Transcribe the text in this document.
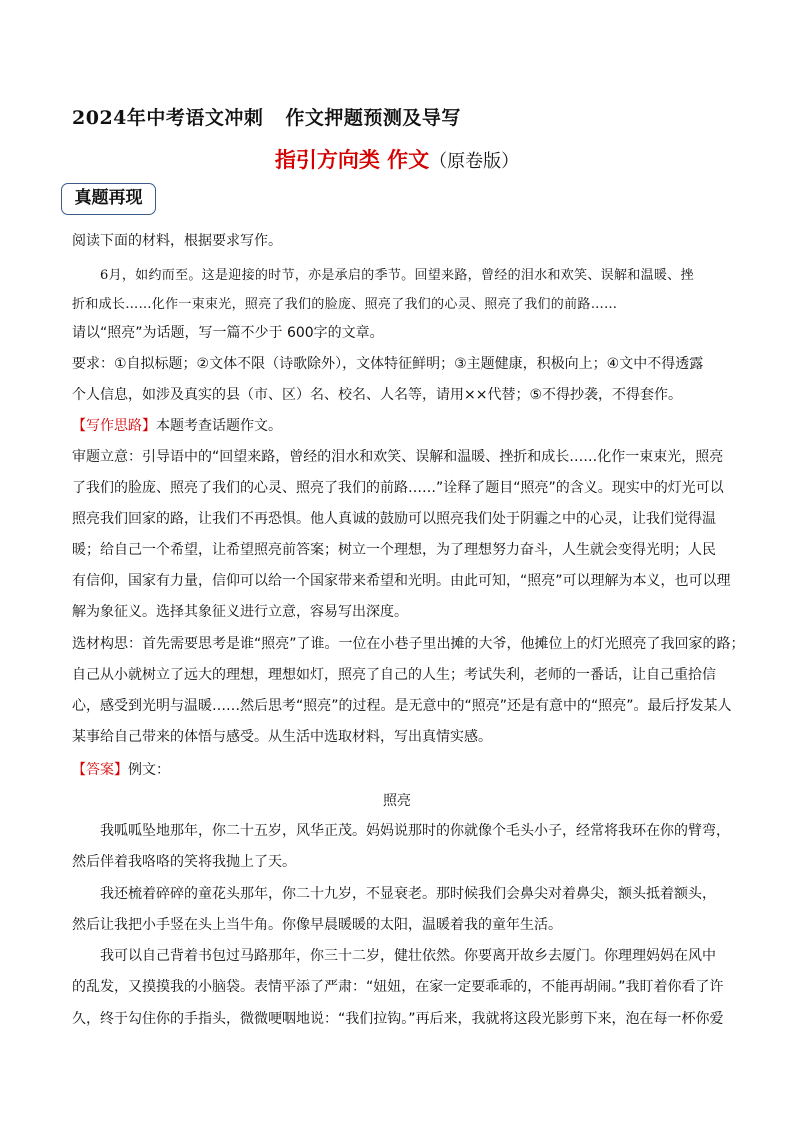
2024年中考语文冲刺 作文押题预测及导写
指引方向类 作文（原卷版）
真题再现
阅读下面的材料，根据要求写作。
6月，如约而至。这是迎接的时节，亦是承启的季节。回望来路，曾经的泪水和欢笑、误解和温暖、挫
折和成长……化作一束束光，照亮了我们的脸庞、照亮了我们的心灵、照亮了我们的前路……
请以“照亮”为话题，写一篇不少于 600字的文章。
要求：①自拟标题；②文体不限（诗歌除外），文体特征鲜明；③主题健康，积极向上；④文中不得透露
个人信息，如涉及真实的县（市、区）名、校名、人名等，请用××代替；⑤不得抄袭，不得套作。
【写作思路】本题考查话题作文。
审题立意：引导语中的“回望来路，曾经的泪水和欢笑、误解和温暖、挫折和成长……化作一束束光，照亮
了我们的脸庞、照亮了我们的心灵、照亮了我们的前路……”诠释了题目“照亮”的含义。现实中的灯光可以
照亮我们回家的路，让我们不再恐惧。他人真诚的鼓励可以照亮我们处于阴霾之中的心灵，让我们觉得温
暖；给自己一个希望，让希望照亮前答案；树立一个理想，为了理想努力奋斗，人生就会变得光明；人民
有信仰，国家有力量，信仰可以给一个国家带来希望和光明。由此可知，“照亮”可以理解为本义，也可以理
解为象征义。选择其象征义进行立意，容易写出深度。
选材构思：首先需要思考是谁“照亮”了谁。一位在小巷子里出摊的大爷，他摊位上的灯光照亮了我回家的路；
自己从小就树立了远大的理想，理想如灯，照亮了自己的人生；考试失利，老师的一番话，让自己重拾信
心，感受到光明与温暖……然后思考“照亮”的过程。是无意中的“照亮”还是有意中的“照亮”。最后抒发某人
某事给自己带来的体悟与感受。从生活中选取材料，写出真情实感。
【答案】例文：
照亮
我呱呱坠地那年，你二十五岁，风华正茂。妈妈说那时的你就像个毛头小子，经常将我环在你的臂弯，
然后伴着我咯咯的笑将我抛上了天。
我还梳着碎碎的童花头那年，你二十九岁，不显衰老。那时候我们会鼻尖对着鼻尖，额头抵着额头，
然后让我把小手竖在头上当牛角。你像早晨暖暖的太阳，温暖着我的童年生活。
我可以自己背着书包过马路那年，你三十二岁，健壮依然。你要离开故乡去厦门。你理理妈妈在风中
的乱发，又摸摸我的小脑袋。表情平添了严肃：“妞妞，在家一定要乖乖的，不能再胡闹。”我盯着你看了许
久，终于勾住你的手指头，微微哽咽地说：“我们拉钩。”再后来，我就将这段光影剪下来，泡在每一杯你爱
